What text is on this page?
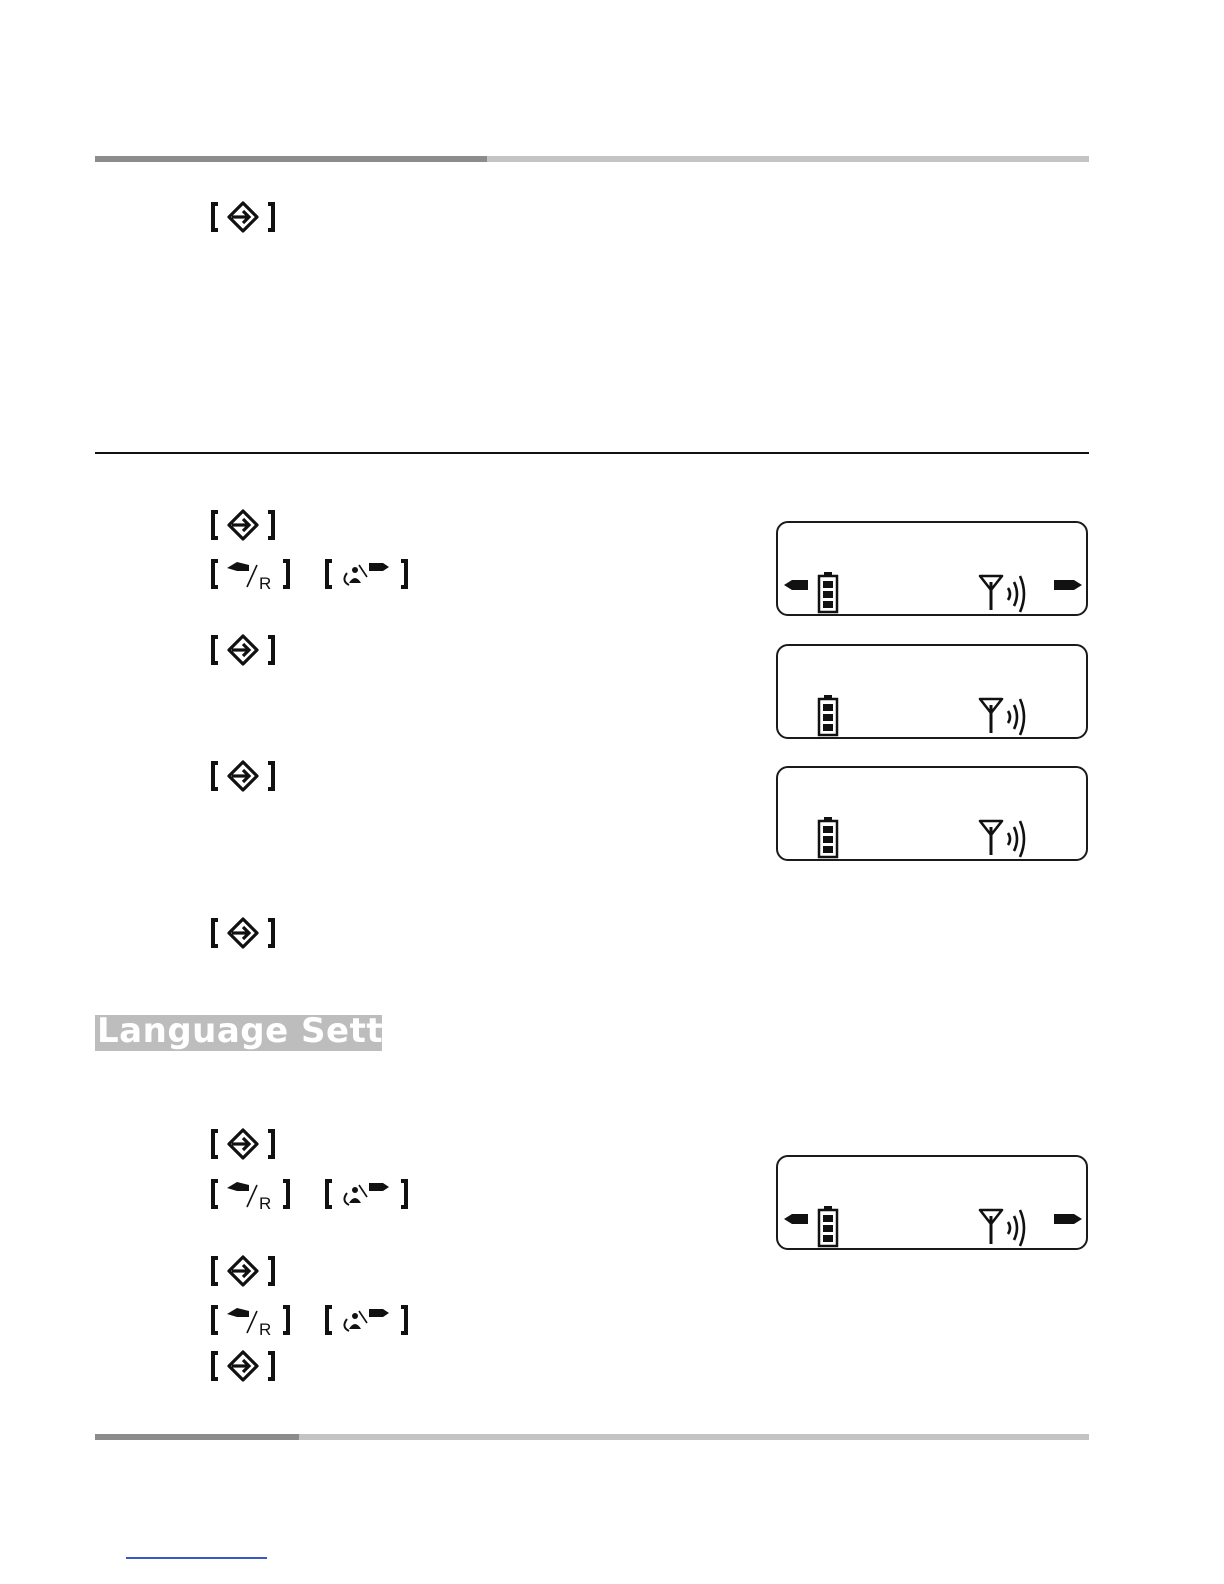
Language Setting
